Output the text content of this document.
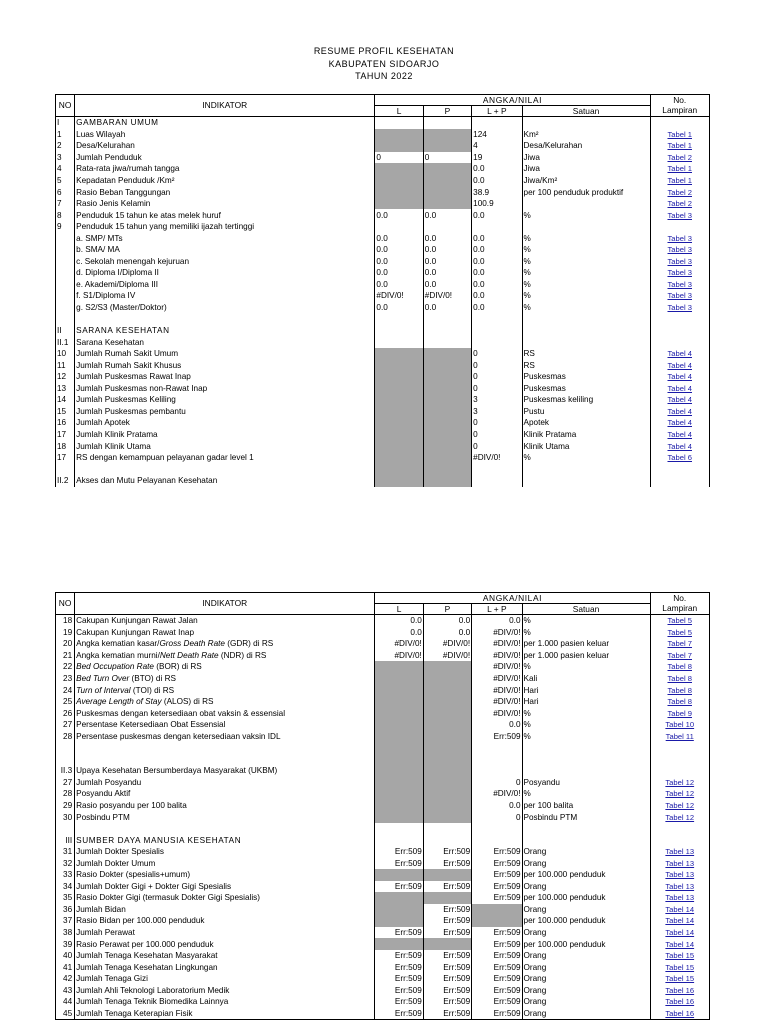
RESUME PROFIL KESEHATAN
KABUPATEN SIDOARJO
TAHUN 2022
NO	INDIKATOR	ANGKA/NILAI				No.
		L	P	L + P	Satuan	Lampiran
I	GAMBARAN UMUM					
1	Luas Wilayah			124	Km²	Tabel 1
2	Desa/Kelurahan			4	Desa/Kelurahan	Tabel 1
3	Jumlah Penduduk	0	0	19	Jiwa	Tabel 2
4	Rata-rata jiwa/rumah tangga			0.0	Jiwa	Tabel 1
5	Kepadatan Penduduk /Km²			0.0	Jiwa/Km²	Tabel 1
6	Rasio Beban Tanggungan			38.9	per 100 penduduk produktif	Tabel 2
7	Rasio Jenis Kelamin			100.9		Tabel 2
8	Penduduk 15 tahun ke atas melek huruf	0.0	0.0	0.0	%	Tabel 3
9	Penduduk 15 tahun yang memiliki ijazah tertinggi					
	a. SMP/ MTs	0.0	0.0	0.0	%	Tabel 3
	b. SMA/ MA	0.0	0.0	0.0	%	Tabel 3
	c. Sekolah menengah kejuruan	0.0	0.0	0.0	%	Tabel 3
	d. Diploma I/Diploma II	0.0	0.0	0.0	%	Tabel 3
	e. Akademi/Diploma III	0.0	0.0	0.0	%	Tabel 3
	f. S1/Diploma IV	#DIV/0!	#DIV/0!	0.0	%	Tabel 3
	g. S2/S3 (Master/Doktor)	0.0	0.0	0.0	%	Tabel 3

II	SARANA KESEHATAN					
II.1	Sarana Kesehatan					
10	Jumlah Rumah Sakit Umum			0	RS	Tabel 4
11	Jumlah Rumah Sakit Khusus			0	RS	Tabel 4
12	Jumlah Puskesmas Rawat Inap			0	Puskesmas	Tabel 4
13	Jumlah Puskesmas non-Rawat Inap			0	Puskesmas	Tabel 4
14	Jumlah Puskesmas Keliling			3	Puskesmas keliling	Tabel 4
15	Jumlah Puskesmas pembantu			3	Pustu	Tabel 4
16	Jumlah Apotek			0	Apotek	Tabel 4
17	Jumlah Klinik Pratama			0	Klinik Pratama	Tabel 4
18	Jumlah Klinik Utama			0	Klinik Utama	Tabel 4
17	RS dengan kemampuan pelayanan gadar level 1			#DIV/0!	%	Tabel 6

II.2	Akses dan Mutu Pelayanan Kesehatan					
NO	INDIKATOR	ANGKA/NILAI				No.
		L	P	L + P	Satuan	Lampiran
18	Cakupan Kunjungan Rawat Jalan	0.0	0.0	0.0	%	Tabel 5
19	Cakupan Kunjungan Rawat Inap	0.0	0.0	#DIV/0!	%	Tabel 5
20	Angka kematian kasar/Gross Death Rate (GDR) di RS	#DIV/0!	#DIV/0!	#DIV/0!	per 1.000 pasien keluar	Tabel 7
21	Angka kematian murni/Nett Death Rate (NDR) di RS	#DIV/0!	#DIV/0!	#DIV/0!	per 1.000 pasien keluar	Tabel 7
22	Bed Occupation Rate (BOR) di RS			#DIV/0!	%	Tabel 8
23	Bed Turn Over (BTO) di RS			#DIV/0!	Kali	Tabel 8
24	Turn of Interval (TOI) di RS			#DIV/0!	Hari	Tabel 8
25	Average Length of Stay (ALOS) di RS			#DIV/0!	Hari	Tabel 8
26	Puskesmas dengan ketersediaan obat vaksin & essensial			#DIV/0!	%	Tabel 9
27	Persentase Ketersediaan Obat Essensial			0.0	%	Tabel 10
28	Persentase puskesmas dengan ketersediaan vaksin IDL			Err:509	%	Tabel 11

II.3	Upaya Kesehatan Bersumberdaya Masyarakat (UKBM)					
27	Jumlah Posyandu			0	Posyandu	Tabel 12
28	Posyandu Aktif			#DIV/0!	%	Tabel 12
29	Rasio posyandu per 100 balita			0.0	per 100 balita	Tabel 12
30	Posbindu PTM			0	Posbindu PTM	Tabel 12

III	SUMBER DAYA MANUSIA KESEHATAN					
31	Jumlah Dokter Spesialis	Err:509	Err:509	Err:509	Orang	Tabel 13
32	Jumlah Dokter Umum	Err:509	Err:509	Err:509	Orang	Tabel 13
33	Rasio Dokter (spesialis+umum)			Err:509	per 100.000 penduduk	Tabel 13
34	Jumlah Dokter Gigi + Dokter Gigi Spesialis	Err:509	Err:509	Err:509	Orang	Tabel 13
35	Rasio Dokter Gigi (termasuk Dokter Gigi Spesialis)			Err:509	per 100.000 penduduk	Tabel 13
36	Jumlah Bidan		Err:509		Orang	Tabel 14
37	Rasio Bidan per 100.000 penduduk		Err:509		per 100.000 penduduk	Tabel 14
38	Jumlah Perawat	Err:509	Err:509	Err:509	Orang	Tabel 14
39	Rasio Perawat per 100.000 penduduk			Err:509	per 100.000 penduduk	Tabel 14
40	Jumlah Tenaga Kesehatan Masyarakat	Err:509	Err:509	Err:509	Orang	Tabel 15
41	Jumlah Tenaga Kesehatan Lingkungan	Err:509	Err:509	Err:509	Orang	Tabel 15
42	Jumlah Tenaga Gizi	Err:509	Err:509	Err:509	Orang	Tabel 15
43	Jumlah Ahli Teknologi Laboratorium Medik	Err:509	Err:509	Err:509	Orang	Tabel 16
44	Jumlah Tenaga Teknik Biomedika Lainnya	Err:509	Err:509	Err:509	Orang	Tabel 16
45	Jumlah Tenaga Keterapian Fisik	Err:509	Err:509	Err:509	Orang	Tabel 16
